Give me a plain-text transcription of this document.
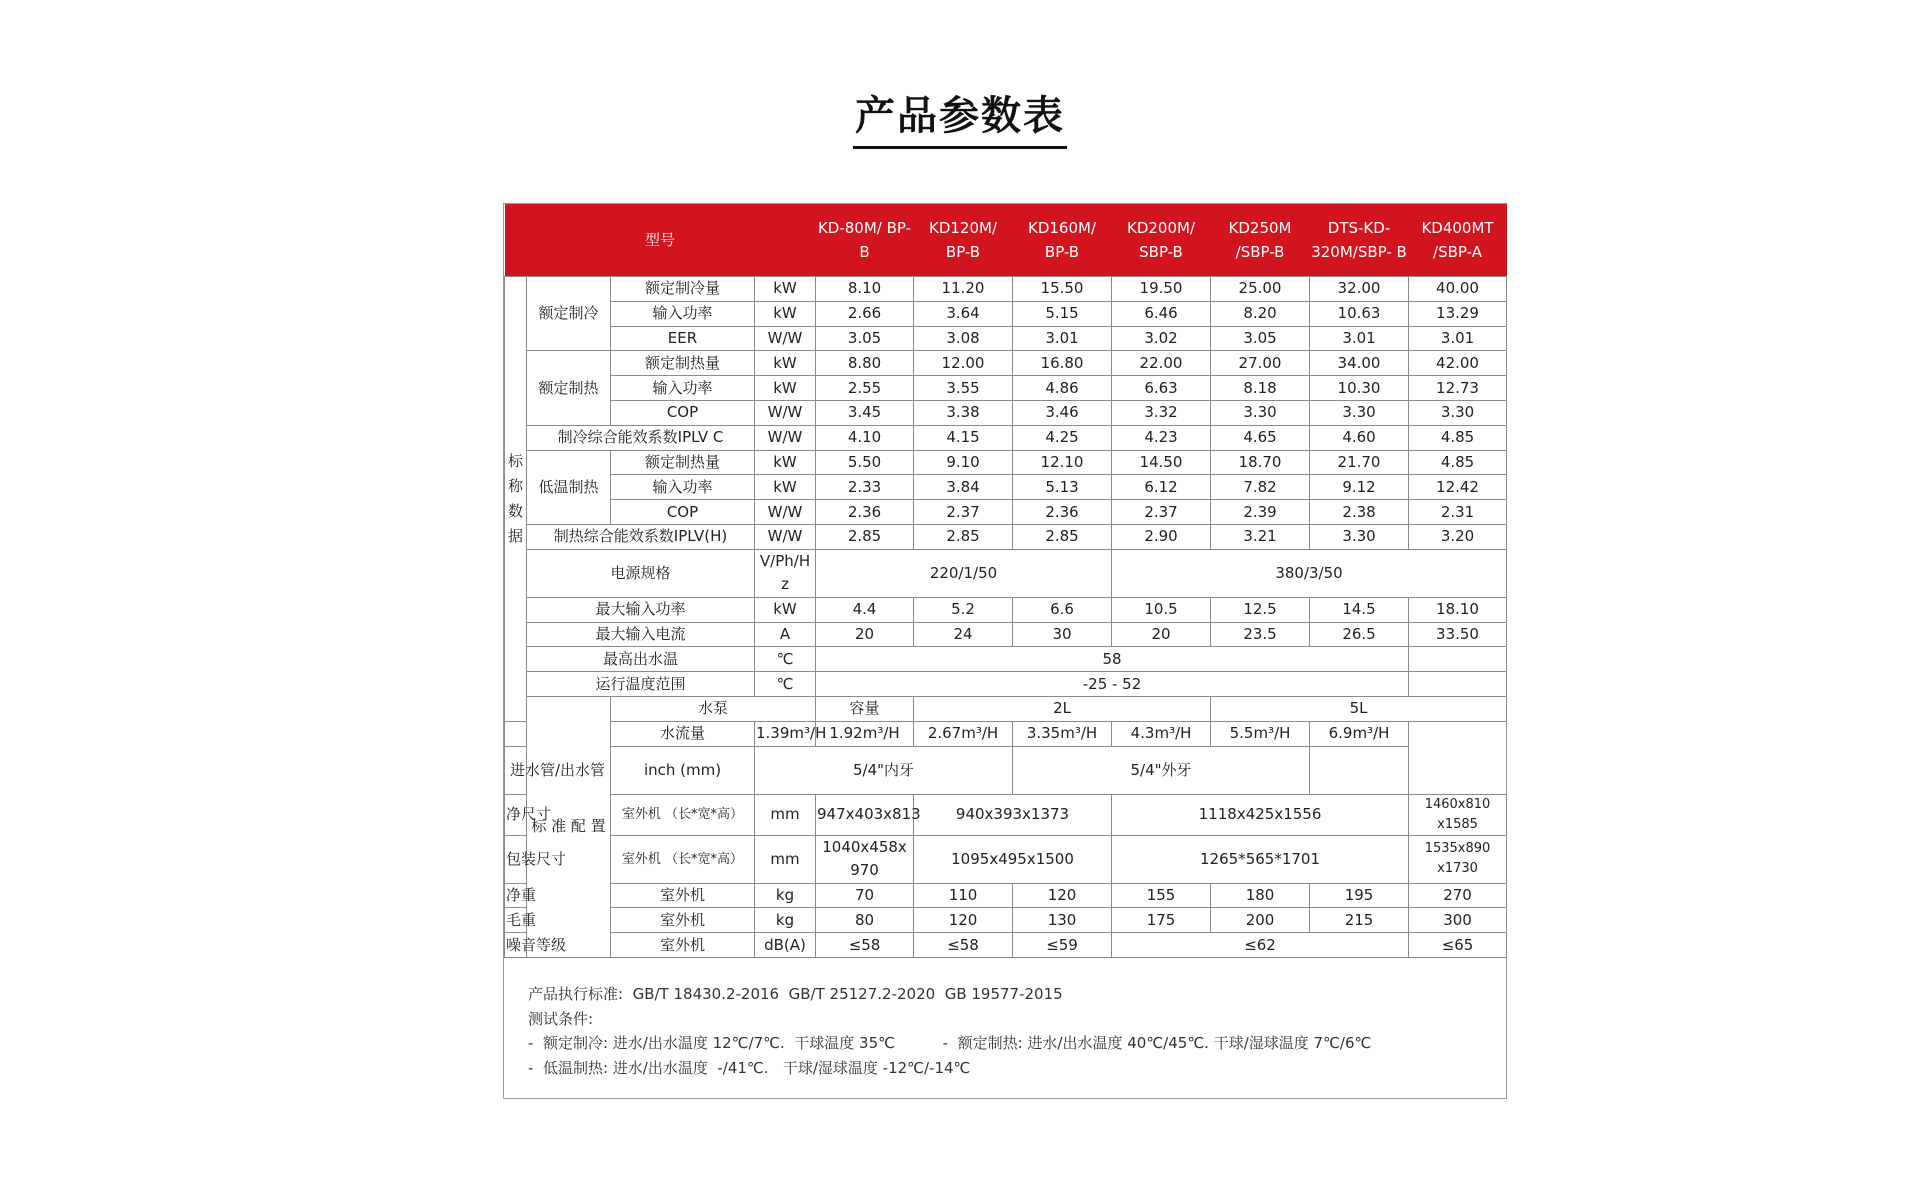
产品参数表
型号				KD-80M/ BP-B	KD120M/ BP-B	KD160M/ BP-B	KD200M/ SBP-B	KD250M /SBP-B	DTS-KD- 320M/SBP- B	KD400MT /SBP-A	
标 称 数 据	额定制冷	额定制冷量	kW	8.10	11.20	15.50	19.50	25.00	32.00	40.00	
		输入功率	kW	2.66	3.64	5.15	6.46	8.20	10.63	13.29	
		EER	W/W	3.05	3.08	3.01	3.02	3.05	3.01	3.01	
	额定制热	额定制热量	kW	8.80	12.00	16.80	22.00	27.00	34.00	42.00	
		输入功率	kW	2.55	3.55	4.86	6.63	8.18	10.30	12.73	
		COP	W/W	3.45	3.38	3.46	3.32	3.30	3.30	3.30	
	制冷综合能效系数IPLV C		W/W	4.10	4.15	4.25	4.23	4.65	4.60	4.85	
	低温制热	额定制热量	kW	5.50	9.10	12.10	14.50	18.70	21.70	4.85	
		输入功率	kW	2.33	3.84	5.13	6.12	7.82	9.12	12.42	
		COP	W/W	2.36	2.37	2.36	2.37	2.39	2.38	2.31	
	制热综合能效系数IPLV(H)		W/W	2.85	2.85	2.85	2.90	3.21	3.30	3.20	
	电源规格		V/Ph/H z	220/1/50			380/3/50				
	最大输入功率		kW	4.4	5.2	6.6	10.5	12.5	14.5	18.10	
	最大输入电流		A	20	24	30	20	23.5	26.5	33.50	
	最高出水温		℃	58							
	运行温度范围		℃	-25 - 52							
	标 准 配 置	水泵		容量	2L			5L	
		水流量	1.39m³/H	1.92m³/H	2.67m³/H	3.35m³/H	4.3m³/H	5.5m³/H	6.9m³/H		
进水管/出水管		inch (mm)	5/4"内牙			5/4"外牙					
净尺寸		室外机 （长*宽*高）	mm	947x403x813	940x393x1373		1118x425x1556			1460x810 x1585	
包装尺寸		室外机 （长*宽*高）	mm	1040x458x 970	1095x495x1500		1265*565*1701			1535x890 x1730	
净重		室外机	kg	70	110	120	155	180	195	270	
毛重		室外机	kg	80	120	130	175	200	215	300	
噪音等级		室外机	dB(A)	≤58	≤58	≤59	≤62			≤65	
产品执行标准:  GB/T 18430.2-2016  GB/T 25127.2-2020  GB 19577-2015
测试条件:
-  额定制冷: 进水/出水温度 12℃/7℃.  干球温度 35℃          -  额定制热: 进水/出水温度 40℃/45℃. 干球/湿球温度 7℃/6℃
-  低温制热: 进水/出水温度  -/41℃.   干球/湿球温度 -12℃/-14℃
